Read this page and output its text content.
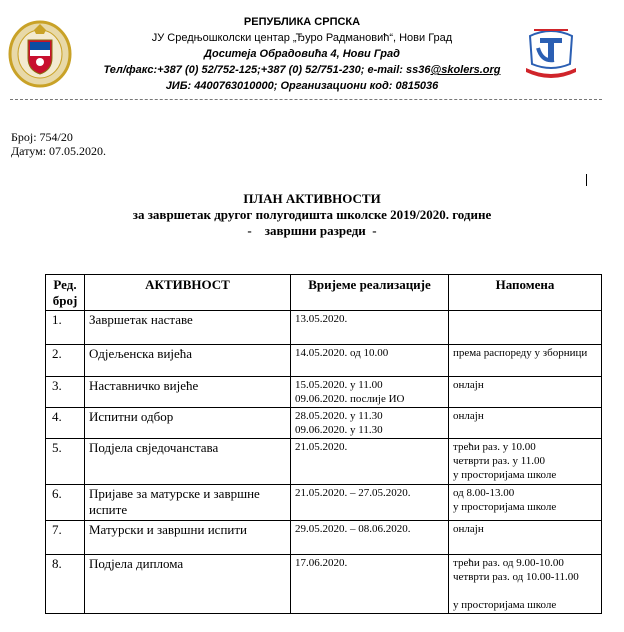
РЕПУБЛИКА СРПСКА
ЈУ Средњошколски центар „Ђуро Радмановић“, Нови Град
Доситеја Обрадовића 4, Нови Град
Тел/факс:+387 (0) 52/752-125;+387 (0) 52/751-230; e-mail: ss36@skolers.org
ЈИБ: 4400763010000; Организациони код: 0815036
Број: 754/20
Датум: 07.05.2020.
ПЛАН АКТИВНОСТИ
за завршетак другог полугодишта школске 2019/2020. године
-    завршни разреди  -
Ред. број	АКТИВНОСТ	Вријеме реализације	Напомена
1.	Завршетак наставе	13.05.2020.	

2.	Одјељенска вијећа	14.05.2020. од 10.00	према распореду у зборници

3.	Наставничко вијеће	15.05.2020. у 11.00
09.06.2020. послије ИО	онлајн

4.	Испитни одбор	28.05.2020. у 11.30
09.06.2020. у 11.30	онлајн

5.	Подјела свједочанстава	21.05.2020.	трећи раз. у 10.00
четврти раз. у 11.00
у просторијама школе

6.	Пријаве за матурске и завршне испите	21.05.2020. – 27.05.2020.	од 8.00-13.00
у просторијама школе

7.	Матурски и завршни испити	29.05.2020. – 08.06.2020.	онлајн

8.	Подјела диплома	17.06.2020.	трећи раз. од 9.00-10.00
четврти раз. од 10.00-11.00
у просторијама школе
